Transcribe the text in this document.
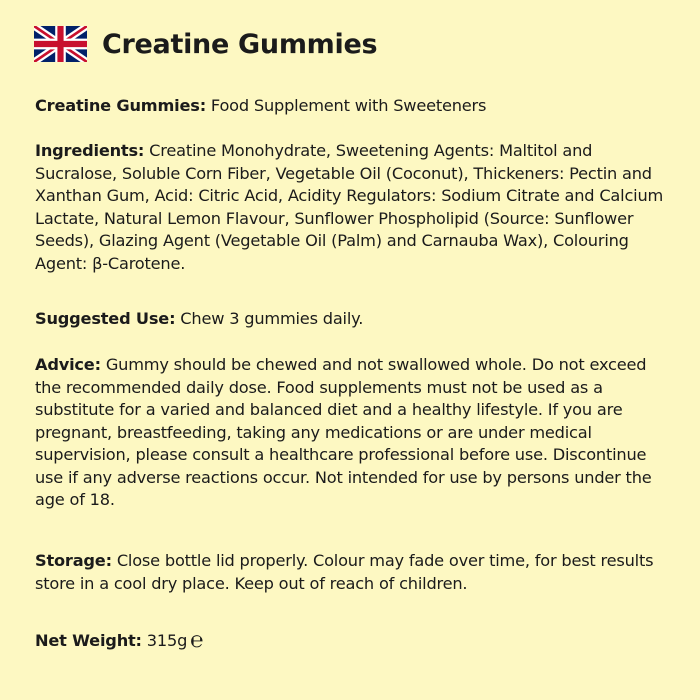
Creatine Gummies
Creatine Gummies: Food Supplement with Sweeteners
Ingredients: Creatine Monohydrate, Sweetening Agents: Maltitol and Sucralose, Soluble Corn Fiber, Vegetable Oil (Coconut), Thickeners: Pectin and Xanthan Gum, Acid: Citric Acid, Acidity Regulators: Sodium Citrate and Calcium Lactate, Natural Lemon Flavour, Sunflower Phospholipid (Source: Sunflower Seeds), Glazing Agent (Vegetable Oil (Palm) and Carnauba Wax), Colouring Agent: β-Carotene.
Suggested Use: Chew 3 gummies daily.
Advice: Gummy should be chewed and not swallowed whole. Do not exceed the recommended daily dose. Food supplements must not be used as a substitute for a varied and balanced diet and a healthy lifestyle. If you are pregnant, breastfeeding, taking any medications or are under medical supervision, please consult a healthcare professional before use. Discontinue use if any adverse reactions occur. Not intended for use by persons under the age of 18.
Storage: Close bottle lid properly. Colour may fade over time, for best results store in a cool dry place. Keep out of reach of children.
Net Weight: 315g ℮
